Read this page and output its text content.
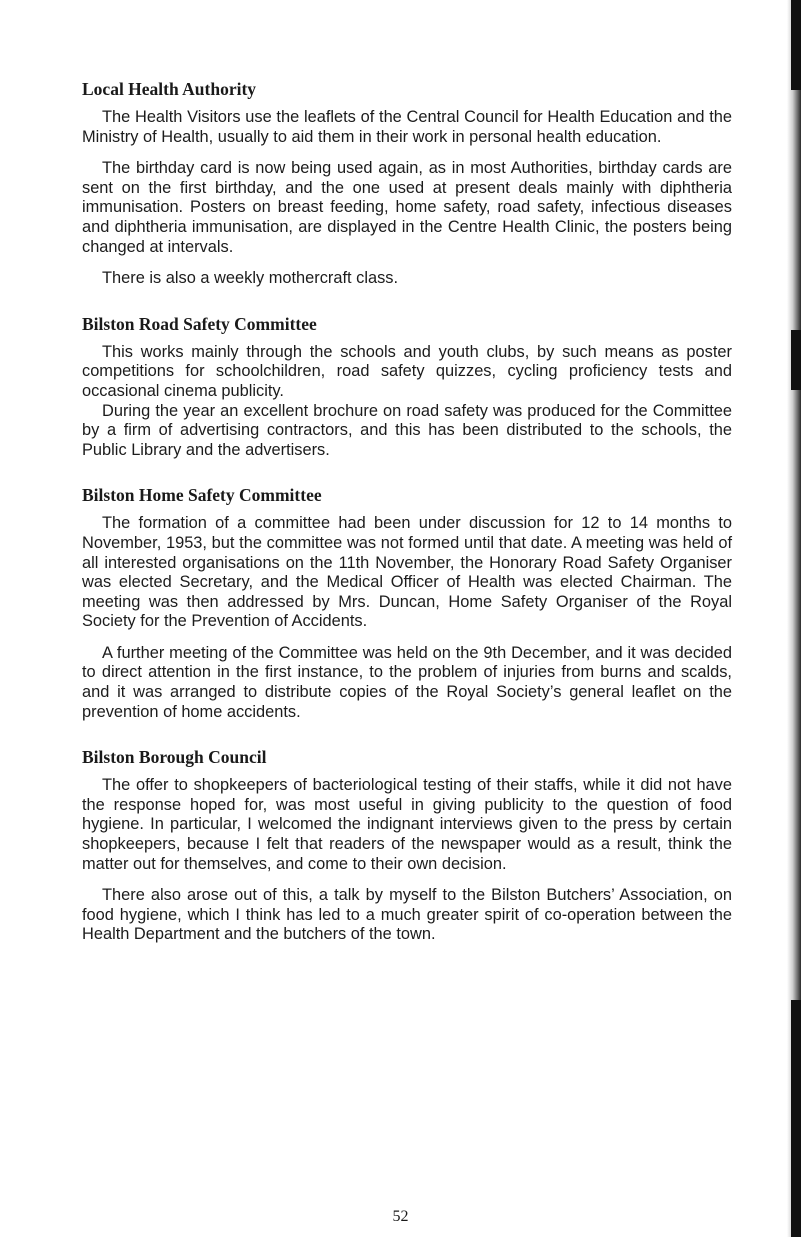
Local Health Authority

The Health Visitors use the leaflets of the Central Council for Health Education and the Ministry of Health, usually to aid them in their work in personal health education.

The birthday card is now being used again, as in most Authorities, birthday cards are sent on the first birthday, and the one used at present deals mainly with diphtheria immunisation. Posters on breast feeding, home safety, road safety, infectious diseases and diphtheria immunisation, are displayed in the Centre Health Clinic, the posters being changed at intervals.

There is also a weekly mothercraft class.

Bilston Road Safety Committee

This works mainly through the schools and youth clubs, by such means as poster competitions for schoolchildren, road safety quizzes, cycling proficiency tests and occasional cinema publicity.

During the year an excellent brochure on road safety was produced for the Committee by a firm of advertising contractors, and this has been distributed to the schools, the Public Library and the advertisers.

Bilston Home Safety Committee

The formation of a committee had been under discussion for 12 to 14 months to November, 1953, but the committee was not formed until that date. A meeting was held of all interested organisations on the 11th November, the Honorary Road Safety Organiser was elected Secretary, and the Medical Officer of Health was elected Chairman. The meeting was then addressed by Mrs. Duncan, Home Safety Organiser of the Royal Society for the Prevention of Accidents.

A further meeting of the Committee was held on the 9th December, and it was decided to direct attention in the first instance, to the problem of injuries from burns and scalds, and it was arranged to distribute copies of the Royal Society’s general leaflet on the prevention of home accidents.

Bilston Borough Council

The offer to shopkeepers of bacteriological testing of their staffs, while it did not have the response hoped for, was most useful in giving publicity to the question of food hygiene. In particular, I welcomed the indignant interviews given to the press by certain shopkeepers, because I felt that readers of the newspaper would as a result, think the matter out for themselves, and come to their own decision.

There also arose out of this, a talk by myself to the Bilston Butchers’ Association, on food hygiene, which I think has led to a much greater spirit of co-operation between the Health Department and the butchers of the town.

52
